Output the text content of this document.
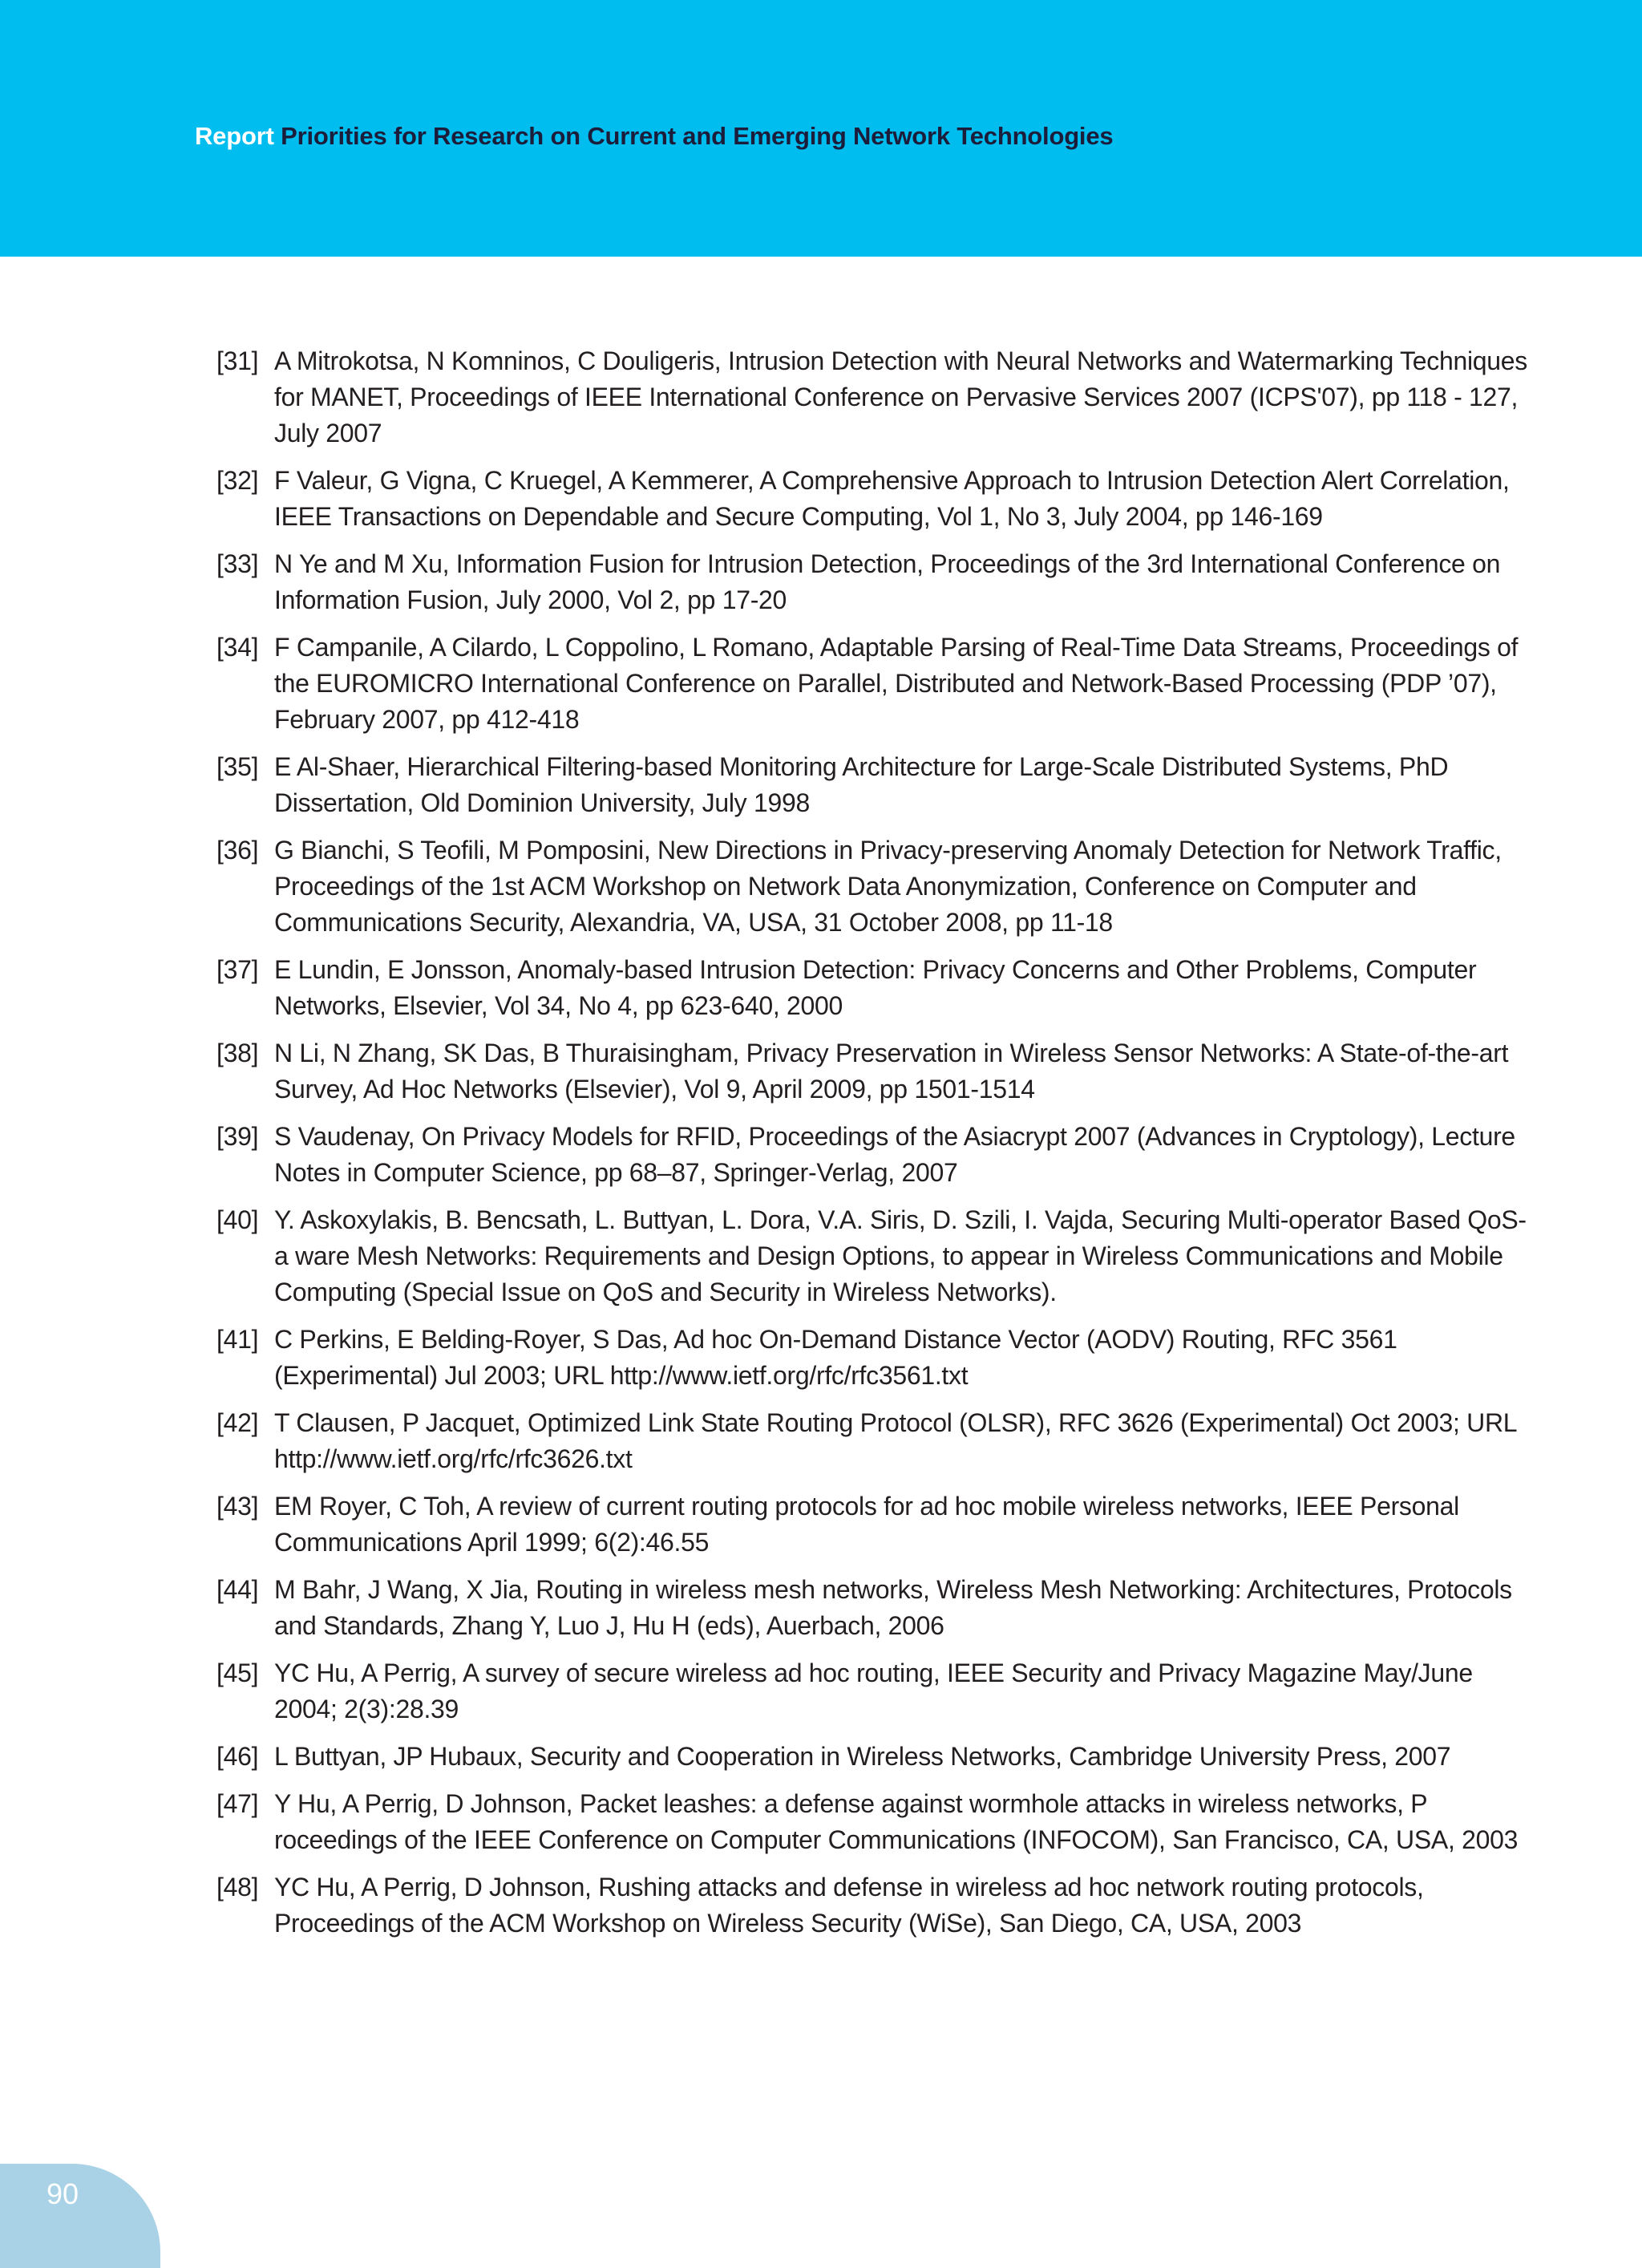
Report Priorities for Research on Current and Emerging Network Technologies
[31] A Mitrokotsa, N Komninos, C Douligeris, Intrusion Detection with Neural Networks and Watermarking Techniques for MANET, Proceedings of IEEE International Conference on Pervasive Services 2007 (ICPS'07), pp 118 - 127, July 2007
[32] F Valeur, G Vigna, C Kruegel, A Kemmerer, A Comprehensive Approach to Intrusion Detection Alert Correlation, IEEE Transactions on Dependable and Secure Computing, Vol 1, No 3, July 2004, pp 146-169
[33] N Ye and M Xu, Information Fusion for Intrusion Detection, Proceedings of the 3rd International Conference on Information Fusion, July 2000, Vol 2, pp 17-20
[34] F Campanile, A Cilardo, L Coppolino, L Romano, Adaptable Parsing of Real-Time Data Streams, Proceedings of the EUROMICRO International Conference on Parallel, Distributed and Network-Based Processing (PDP ’07), February 2007, pp 412-418
[35] E Al-Shaer, Hierarchical Filtering-based Monitoring Architecture for Large-Scale Distributed Systems, PhD Dissertation, Old Dominion University, July 1998
[36] G Bianchi, S Teofili, M Pomposini, New Directions in Privacy-preserving Anomaly Detection for Network Traffic, Proceedings of the 1st ACM Workshop on Network Data Anonymization, Conference on Computer and Communications Security, Alexandria, VA, USA, 31 October 2008, pp 11-18
[37] E Lundin, E Jonsson, Anomaly-based Intrusion Detection: Privacy Concerns and Other Problems, Computer Networks, Elsevier, Vol 34, No 4, pp 623-640, 2000
[38] N Li, N Zhang, SK Das, B Thuraisingham, Privacy Preservation in Wireless Sensor Networks: A State-of-the-art Survey, Ad Hoc Networks (Elsevier), Vol 9, April 2009, pp 1501-1514
[39] S Vaudenay, On Privacy Models for RFID, Proceedings of the Asiacrypt 2007 (Advances in Cryptology), Lecture Notes in Computer Science, pp 68–87, Springer-Verlag, 2007
[40] Y. Askoxylakis, B. Bencsath, L. Buttyan, L. Dora, V.A. Siris, D. Szili, I. Vajda, Securing Multi-operator Based QoS-a ware Mesh Networks: Requirements and Design Options, to appear in Wireless Communications and Mobile Computing (Special Issue on QoS and Security in Wireless Networks).
[41] C Perkins, E Belding-Royer, S Das, Ad hoc On-Demand Distance Vector (AODV) Routing, RFC 3561 (Experimental) Jul 2003; URL http://www.ietf.org/rfc/rfc3561.txt
[42] T Clausen, P Jacquet, Optimized Link State Routing Protocol (OLSR), RFC 3626 (Experimental) Oct 2003; URL http://www.ietf.org/rfc/rfc3626.txt
[43] EM Royer, C Toh, A review of current routing protocols for ad hoc mobile wireless networks, IEEE Personal Communications April 1999; 6(2):46.55
[44] M Bahr, J Wang, X Jia, Routing in wireless mesh networks, Wireless Mesh Networking: Architectures, Protocols and Standards, Zhang Y, Luo J, Hu H (eds), Auerbach, 2006
[45] YC Hu, A Perrig, A survey of secure wireless ad hoc routing, IEEE Security and Privacy Magazine May/June 2004; 2(3):28.39
[46] L Buttyan, JP Hubaux, Security and Cooperation in Wireless Networks, Cambridge University Press, 2007
[47] Y Hu, A Perrig, D Johnson, Packet leashes: a defense against wormhole attacks in wireless networks, P roceedings of the IEEE Conference on Computer Communications (INFOCOM), San Francisco, CA, USA, 2003
[48] YC Hu, A Perrig, D Johnson, Rushing attacks and defense in wireless ad hoc network routing protocols, Proceedings of the ACM Workshop on Wireless Security (WiSe), San Diego, CA, USA, 2003
90
